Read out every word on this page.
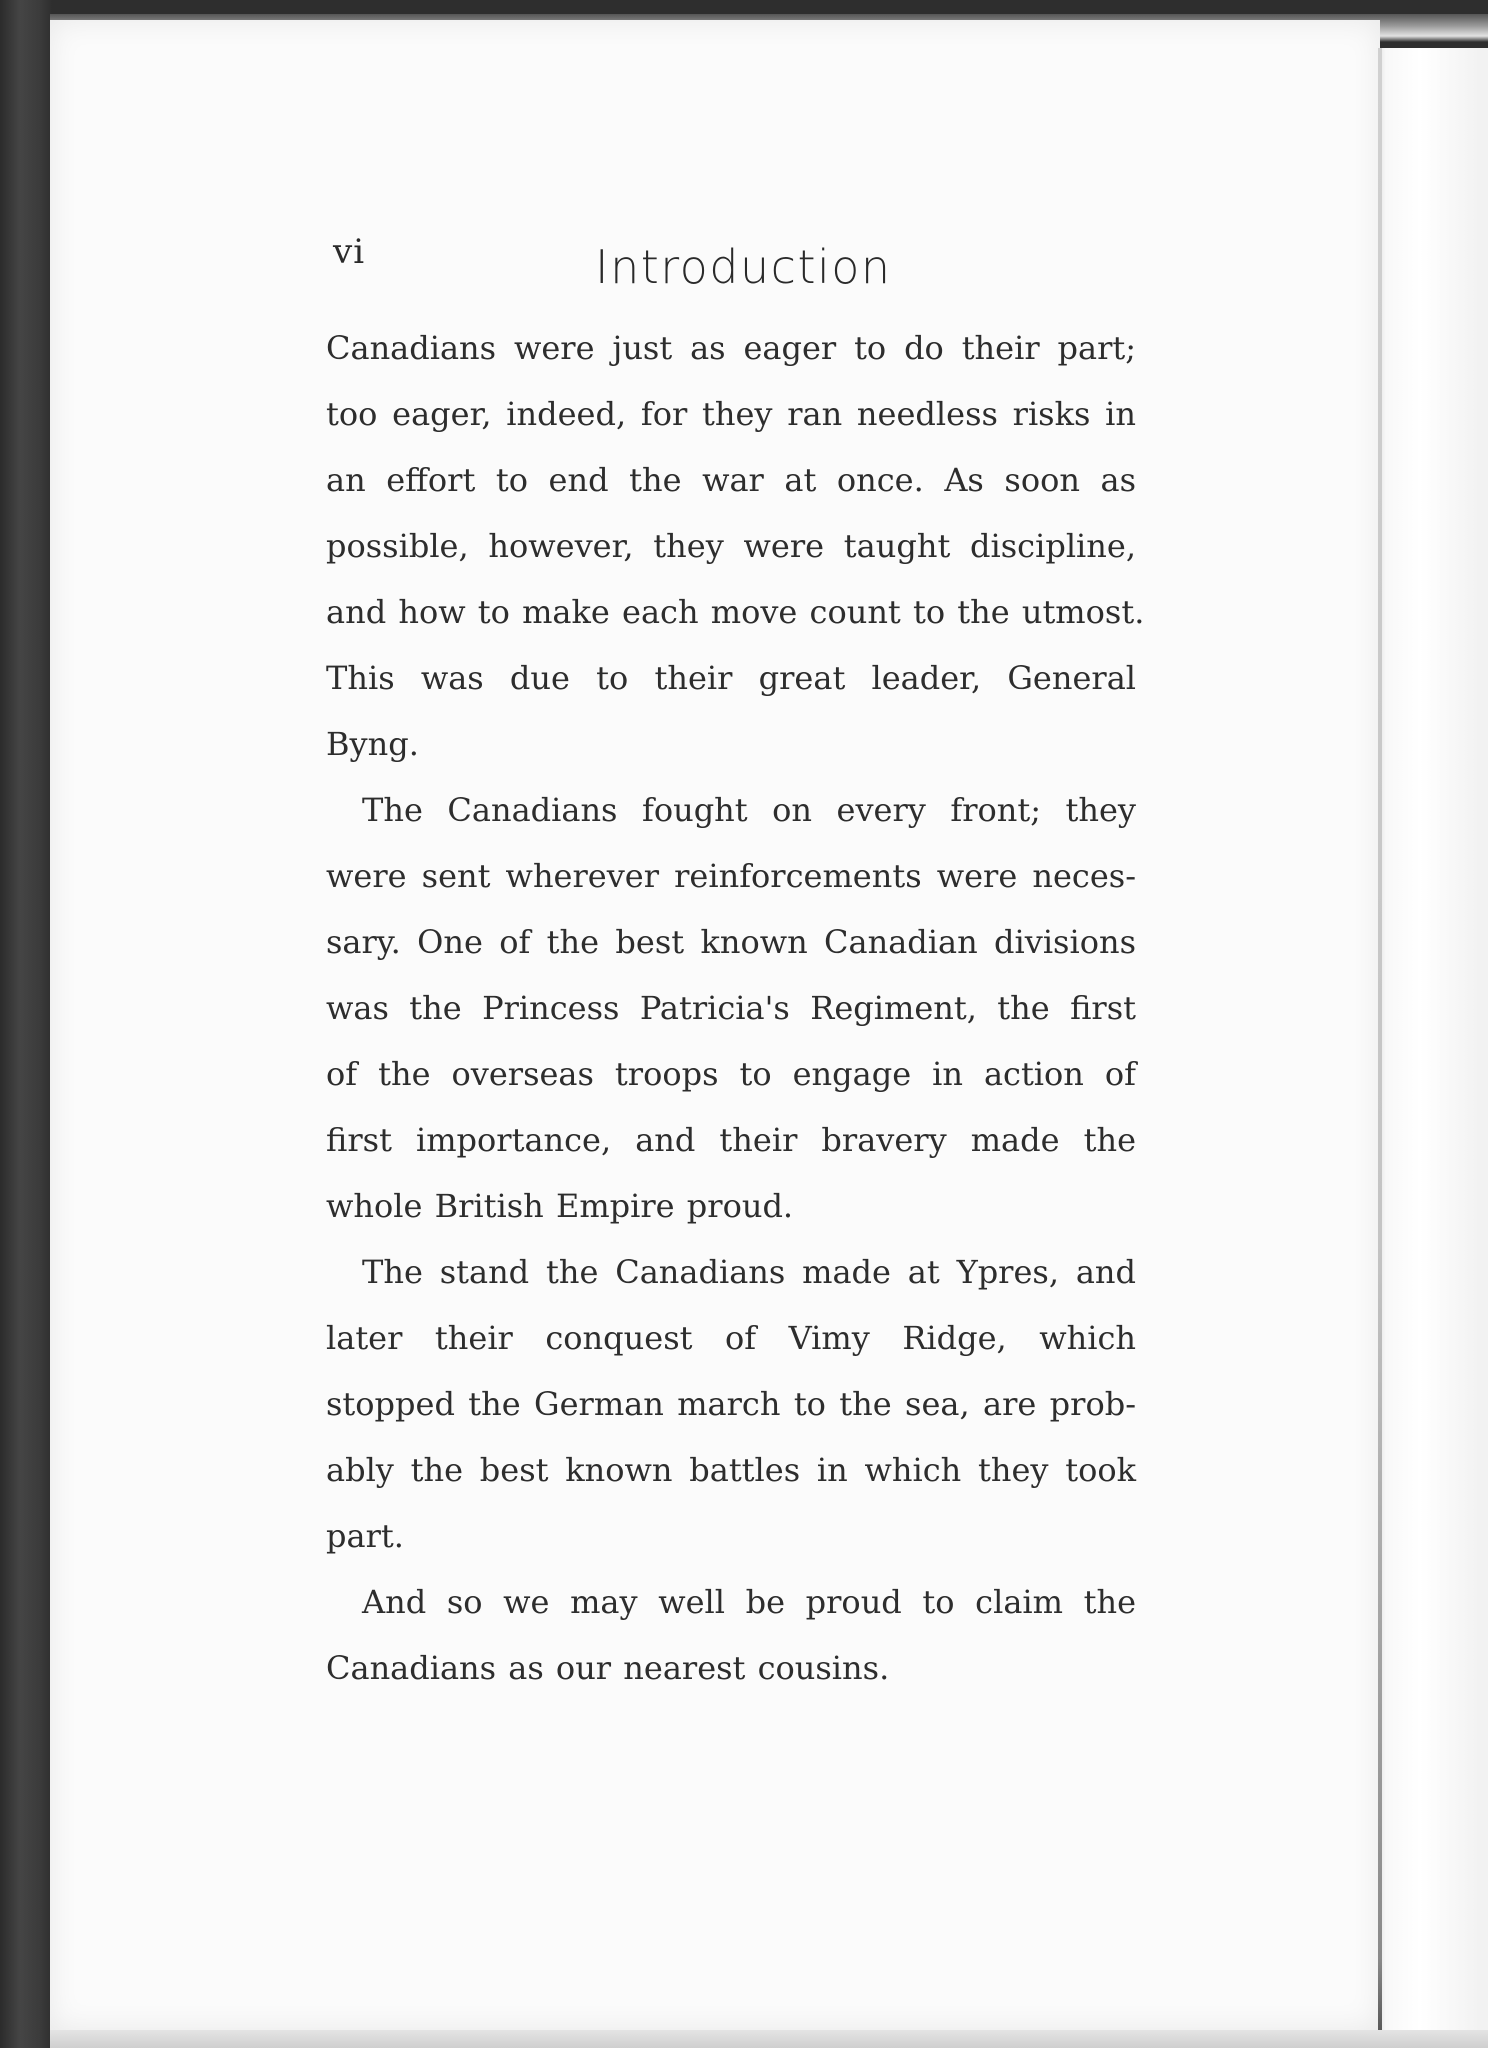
vi	Introduction
Canadians were just as eager to do their part;
too eager, indeed, for they ran needless risks in
an effort to end the war at once. As soon as
possible, however, they were taught discipline,
and how to make each move count to the utmost.
This was due to their great leader, General
Byng.
The Canadians fought on every front; they
were sent wherever reinforcements were neces-
sary. One of the best known Canadian divisions
was the Princess Patricia's Regiment, the first
of the overseas troops to engage in action of
first importance, and their bravery made the
whole British Empire proud.
The stand the Canadians made at Ypres, and
later their conquest of Vimy Ridge, which
stopped the German march to the sea, are prob-
ably the best known battles in which they took
part.
And so we may well be proud to claim the
Canadians as our nearest cousins.
